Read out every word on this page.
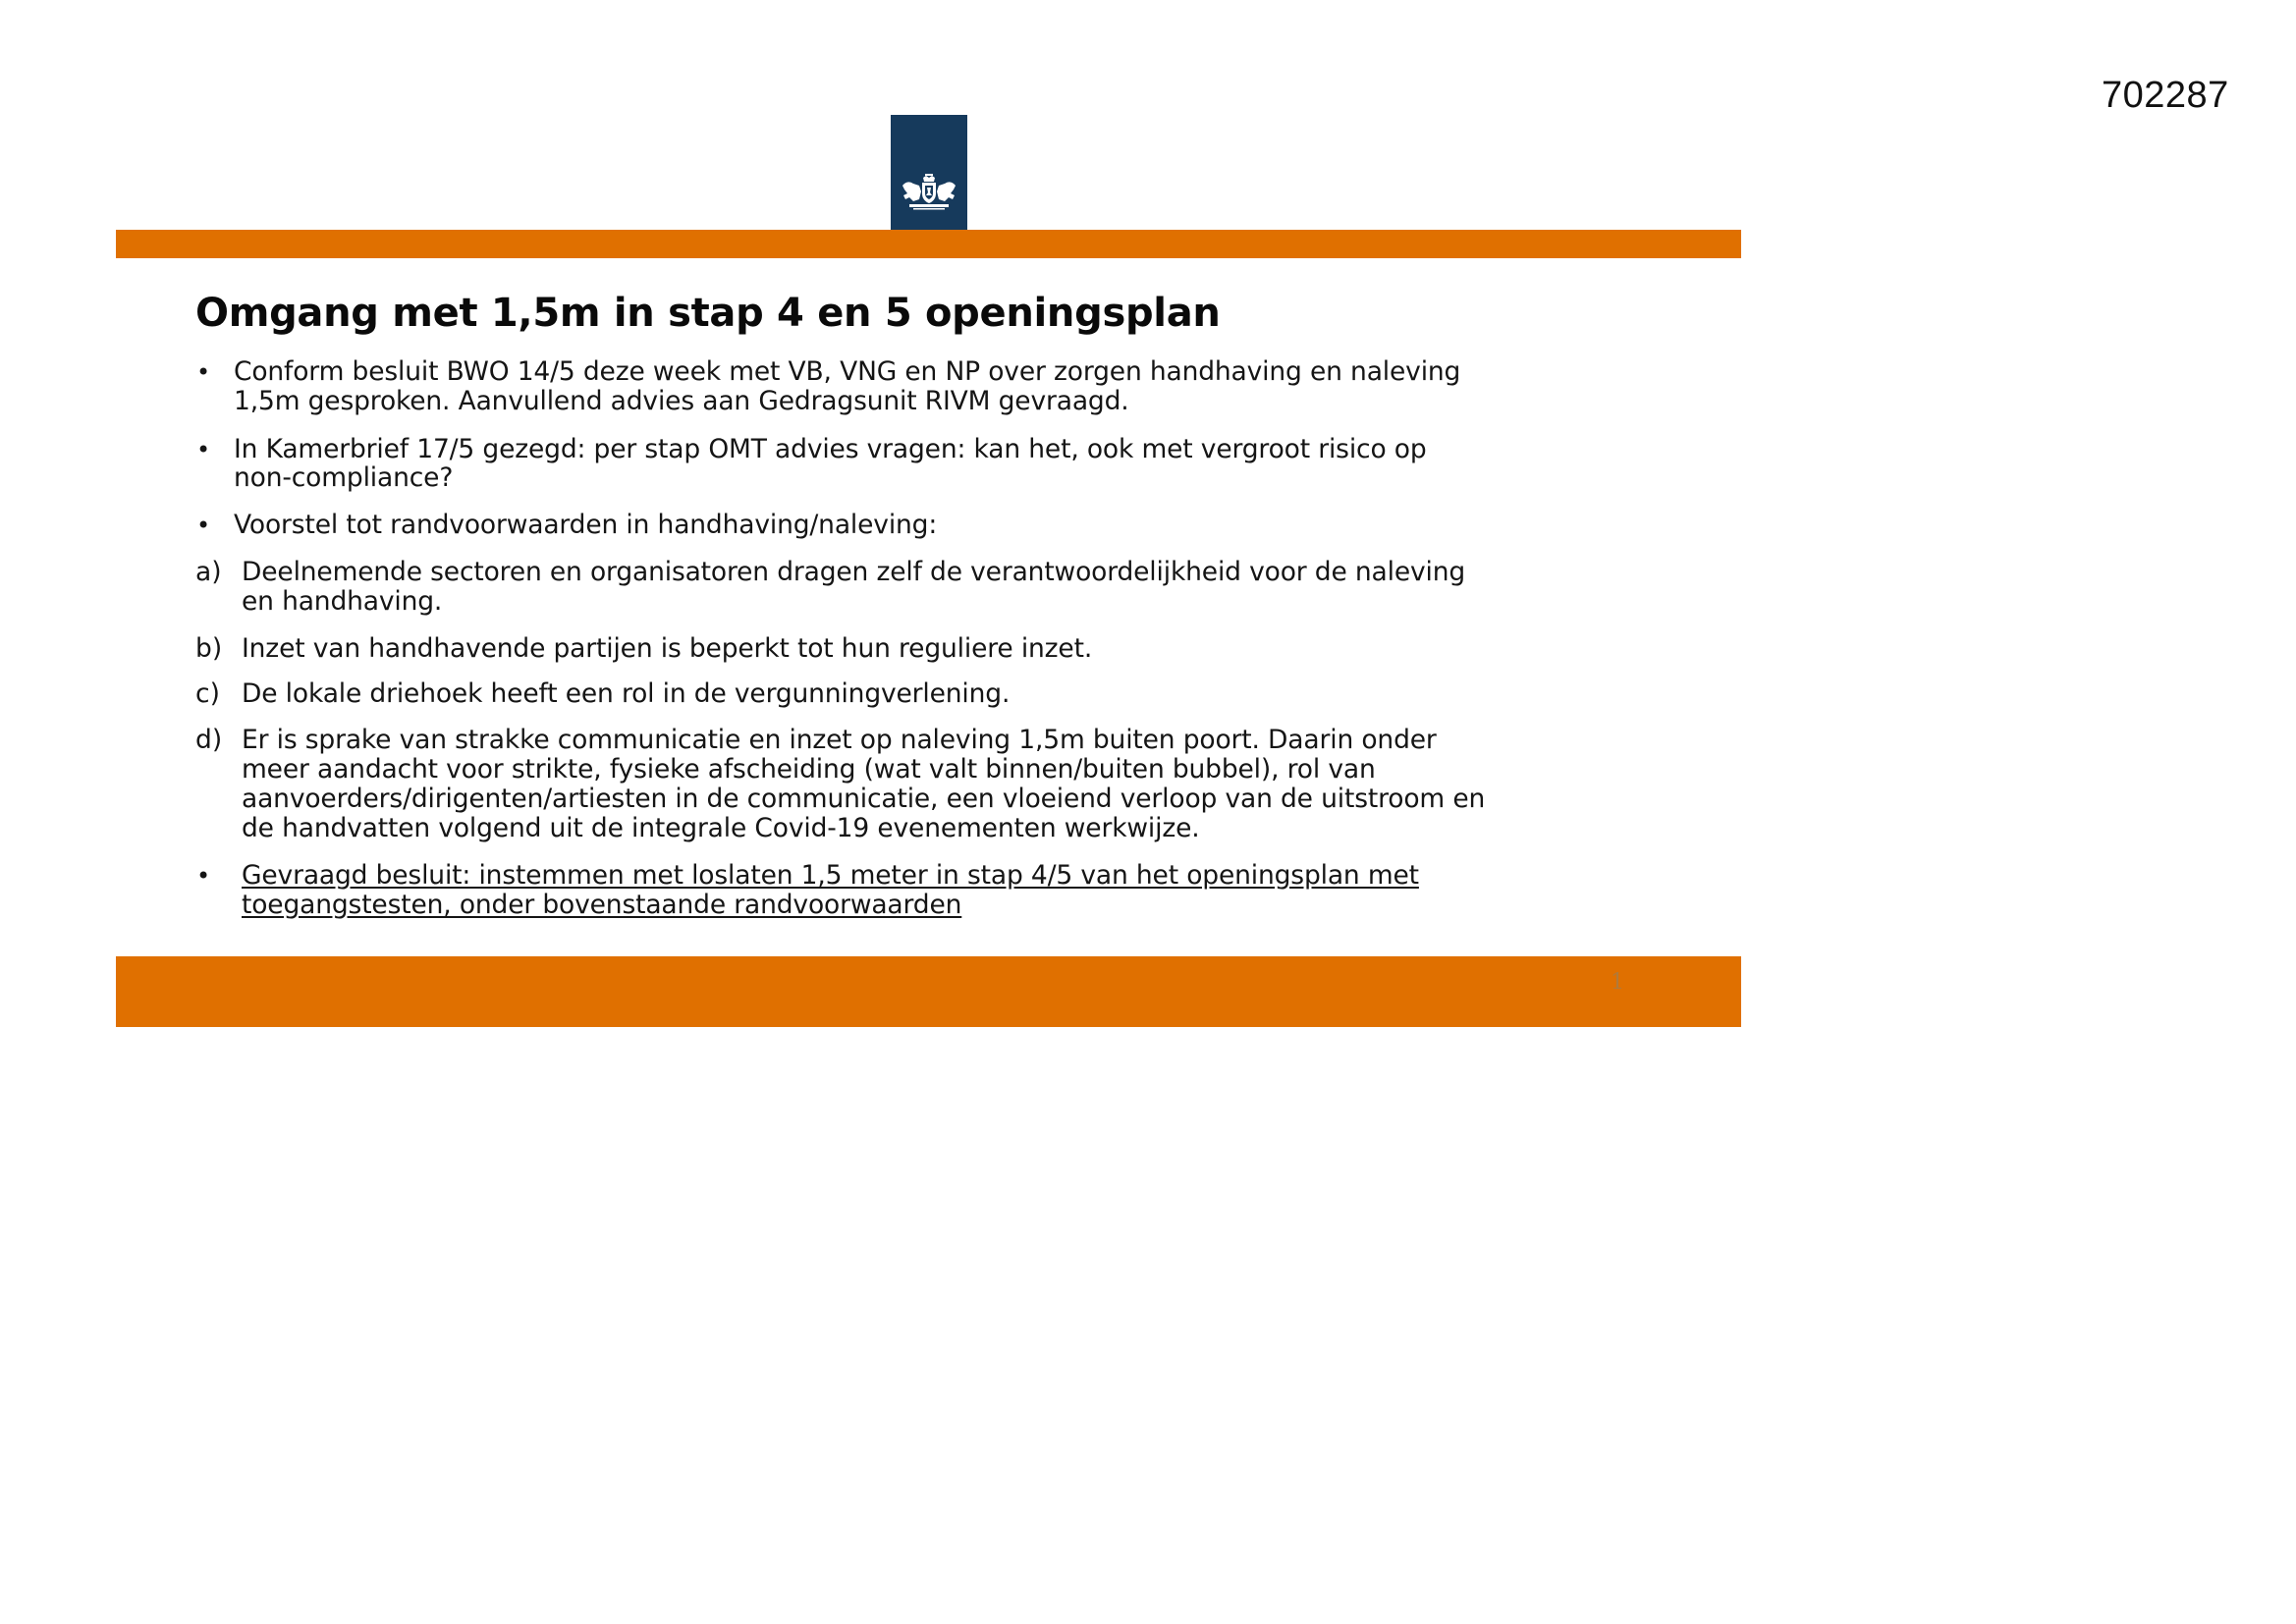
702287
Omgang met 1,5m in stap 4 en 5 openingsplan
• Conform besluit BWO 14/5 deze week met VB, VNG en NP over zorgen handhaving en naleving
1,5m gesproken. Aanvullend advies aan Gedragsunit RIVM gevraagd.
• In Kamerbrief 17/5 gezegd: per stap OMT advies vragen: kan het, ook met vergroot risico op
non-compliance?
• Voorstel tot randvoorwaarden in handhaving/naleving:
a) Deelnemende sectoren en organisatoren dragen zelf de verantwoordelijkheid voor de naleving
en handhaving.
b) Inzet van handhavende partijen is beperkt tot hun reguliere inzet.
c) De lokale driehoek heeft een rol in de vergunningverlening.
d) Er is sprake van strakke communicatie en inzet op naleving 1,5m buiten poort. Daarin onder
meer aandacht voor strikte, fysieke afscheiding (wat valt binnen/buiten bubbel), rol van
aanvoerders/dirigenten/artiesten in de communicatie, een vloeiend verloop van de uitstroom en
de handvatten volgend uit de integrale Covid-19 evenementen werkwijze.
• Gevraagd besluit: instemmen met loslaten 1,5 meter in stap 4/5 van het openingsplan met
toegangstesten, onder bovenstaande randvoorwaarden
1
